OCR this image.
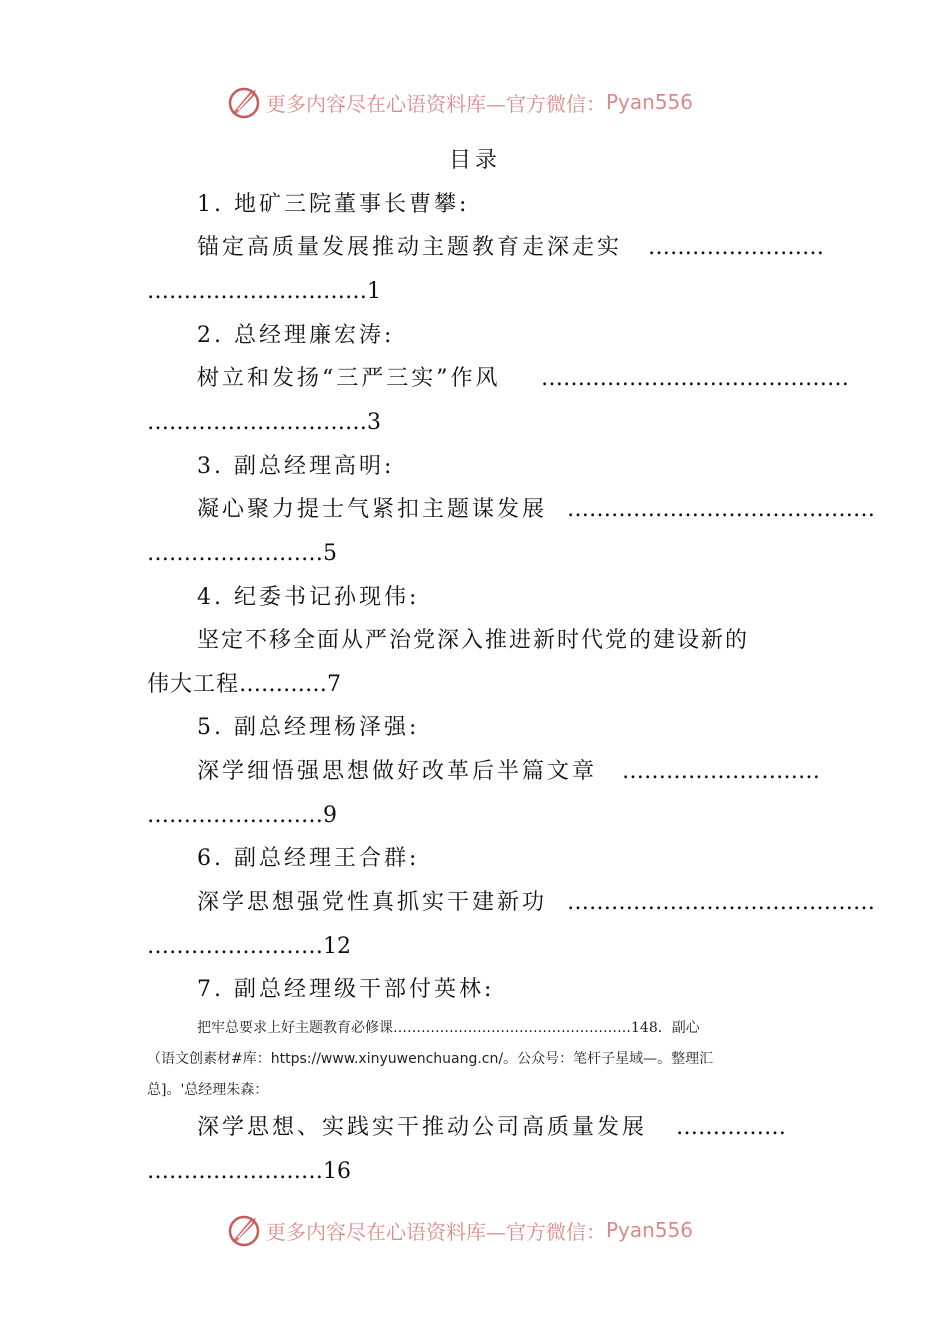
更多内容尽在心语资料库—官方微信： Pyan556
目录
1. 地矿三院董事长曹攀:
锚定高质量发展推动主题教育走深走实 ……………………
…………………………1
2. 总经理廉宏涛:
树立和发扬“三严三实”作风 ……………………………………
…………………………3
3. 副总经理高明:
凝心聚力提士气紧扣主题谋发展 ……………………………………
……………………5
4. 纪委书记孙现伟:
坚定不移全面从严治党深入推进新时代党的建设新的
伟大工程…………7
5. 副总经理杨泽强:
深学细悟强思想做好改革后半篇文章 ………………………
……………………9
6. 副总经理王合群:
深学思想强党性真抓实干建新功 ……………………………………
……………………12
7. 副总经理级干部付英林:
把牢总要求上好主题教育必修课……………………………………………148．副心
（语文创素材#库：https://www.xinyuwenchuang.cn/。公众号：笔杆子星域—。整理汇
总]。'总经理朱森：
深学思想、实践实干推动公司高质量发展 ……………
……………………16
更多内容尽在心语资料库—官方微信： Pyan556
